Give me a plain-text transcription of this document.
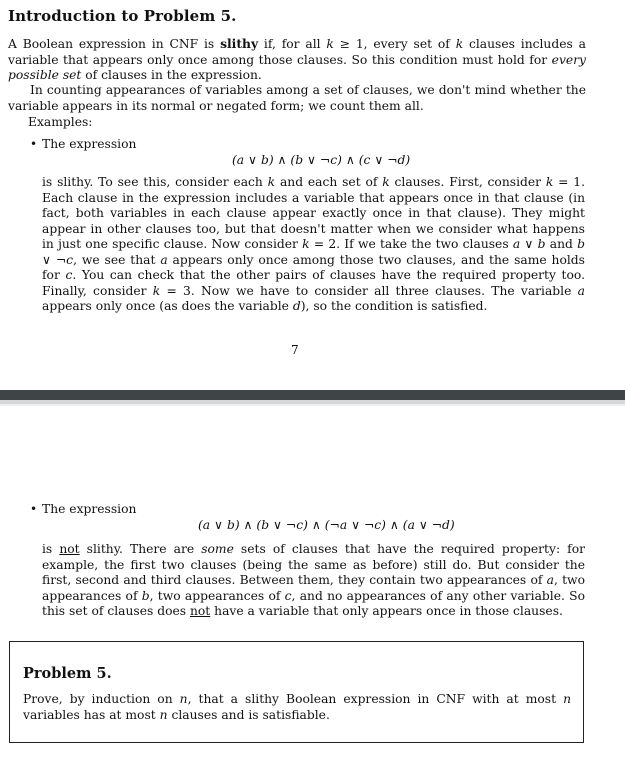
Introduction to Problem 5.

A Boolean expression in CNF is slithy if, for all k ≥ 1, every set of k clauses includes a variable that appears only once among those clauses. So this condition must hold for every possible set of clauses in the expression.

In counting appearances of variables among a set of clauses, we don't mind whether the variable appears in its normal or negated form; we count them all.

Examples:

• The expression
(a ∨ b) ∧ (b ∨ ¬c) ∧ (c ∨ ¬d)

is slithy. To see this, consider each k and each set of k clauses. First, consider k = 1. Each clause in the expression includes a variable that appears once in that clause (in fact, both variables in each clause appear exactly once in that clause). They might appear in other clauses too, but that doesn't matter when we consider what happens in just one specific clause. Now consider k = 2. If we take the two clauses a ∨ b and b ∨ ¬c, we see that a appears only once among those two clauses, and the same holds for c. You can check that the other pairs of clauses have the required property too. Finally, consider k = 3. Now we have to consider all three clauses. The variable a appears only once (as does the variable d), so the condition is satisfied.

7
• The expression
(a ∨ b) ∧ (b ∨ ¬c) ∧ (¬a ∨ ¬c) ∧ (a ∨ ¬d)

is not slithy. There are some sets of clauses that have the required property: for example, the first two clauses (being the same as before) still do. But consider the first, second and third clauses. Between them, they contain two appearances of a, two appearances of b, two appearances of c, and no appearances of any other variable. So this set of clauses does not have a variable that only appears once in those clauses.

Problem 5.

Prove, by induction on n, that a slithy Boolean expression in CNF with at most n variables has at most n clauses and is satisfiable.
